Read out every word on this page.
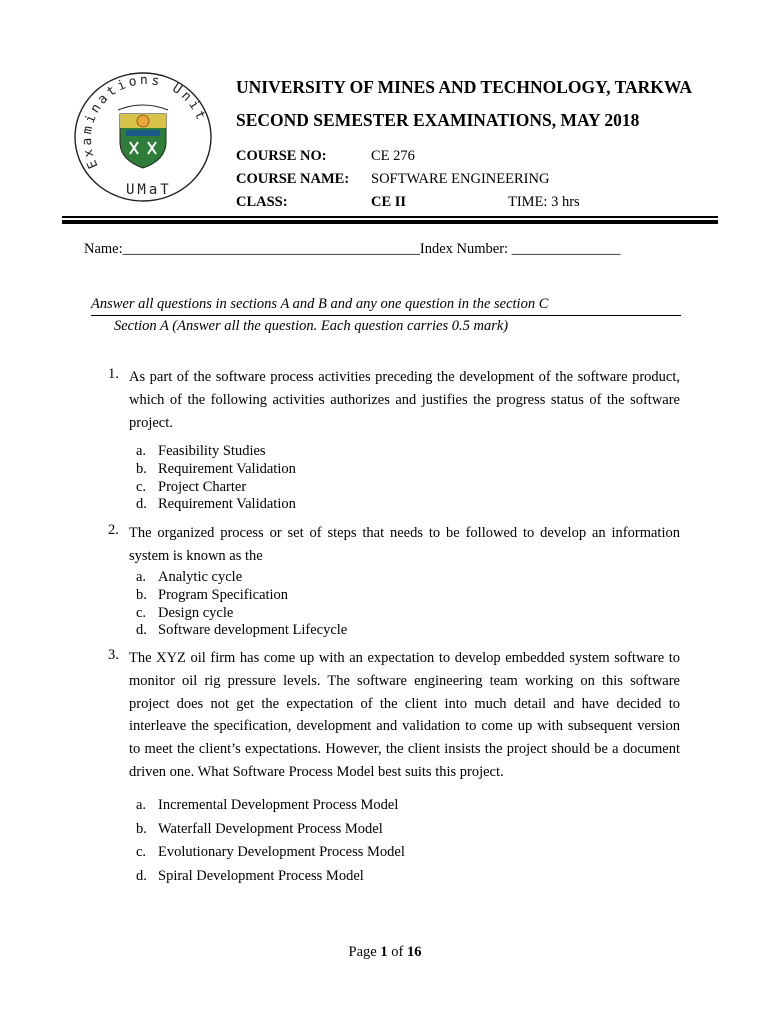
Examinations Unit
UMaT
UNIVERSITY OF MINES AND TECHNOLOGY, TARKWA
SECOND SEMESTER EXAMINATIONS, MAY 2018
COURSE NO:	CE 276
COURSE NAME: SOFTWARE ENGINEERING
CLASS:	CE II	TIME: 3 hrs
Name:_________________________________________Index Number: _______________
Answer all questions in sections A and B and any one question in the section C
Section A (Answer all the question. Each question carries 0.5 mark)
1. As part of the software process activities preceding the development of the software product, which of the following activities authorizes and justifies the progress status of the software project.
a. Feasibility Studies
b. Requirement Validation
c. Project Charter
d. Requirement Validation
2. The organized process or set of steps that needs to be followed to develop an information system is known as the
a. Analytic cycle
b. Program Specification
c. Design cycle
d. Software development Lifecycle
3. The XYZ oil firm has come up with an expectation to develop embedded system software to monitor oil rig pressure levels. The software engineering team working on this software project does not get the expectation of the client into much detail and have decided to interleave the specification, development and validation to come up with subsequent version to meet the client’s expectations. However, the client insists the project should be a document driven one. What Software Process Model best suits this project.
a. Incremental Development Process Model
b. Waterfall Development Process Model
c. Evolutionary Development Process Model
d. Spiral Development Process Model
Page 1 of 16
